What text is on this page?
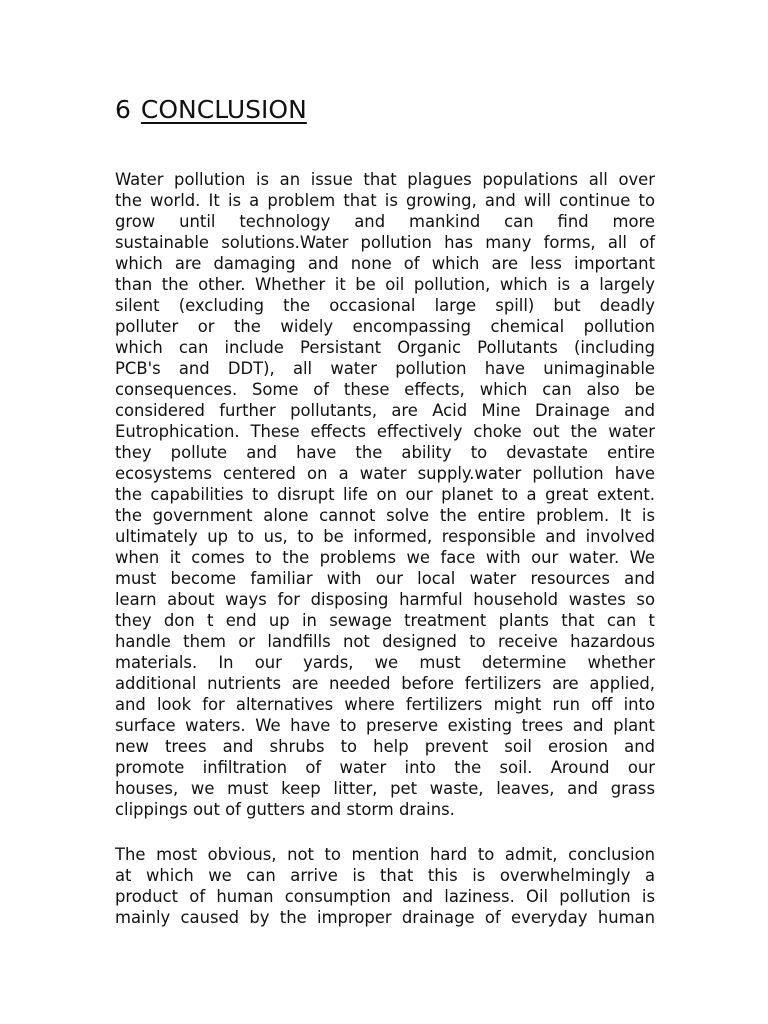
6 CONCLUSION
Water pollution is an issue that plagues populations all over
the world. It is a problem that is growing, and will continue to
grow until technology and mankind can find more
sustainable solutions.Water pollution has many forms, all of
which are damaging and none of which are less important
than the other. Whether it be oil pollution, which is a largely
silent (excluding the occasional large spill) but deadly
polluter or the widely encompassing chemical pollution
which can include Persistant Organic Pollutants (including
PCB's and DDT), all water pollution have unimaginable
consequences. Some of these effects, which can also be
considered further pollutants, are Acid Mine Drainage and
Eutrophication. These effects effectively choke out the water
they pollute and have the ability to devastate entire
ecosystems centered on a water supply.water pollution have
the capabilities to disrupt life on our planet to a great extent.
the government alone cannot solve the entire problem. It is
ultimately up to us, to be informed, responsible and involved
when it comes to the problems we face with our water. We
must become familiar with our local water resources and
learn about ways for disposing harmful household wastes so
they don t end up in sewage treatment plants that can t
handle them or landfills not designed to receive hazardous
materials. In our yards, we must determine whether
additional nutrients are needed before fertilizers are applied,
and look for alternatives where fertilizers might run off into
surface waters. We have to preserve existing trees and plant
new trees and shrubs to help prevent soil erosion and
promote infiltration of water into the soil. Around our
houses, we must keep litter, pet waste, leaves, and grass
clippings out of gutters and storm drains.
The most obvious, not to mention hard to admit, conclusion
at which we can arrive is that this is overwhelmingly a
product of human consumption and laziness. Oil pollution is
mainly caused by the improper drainage of everyday human
